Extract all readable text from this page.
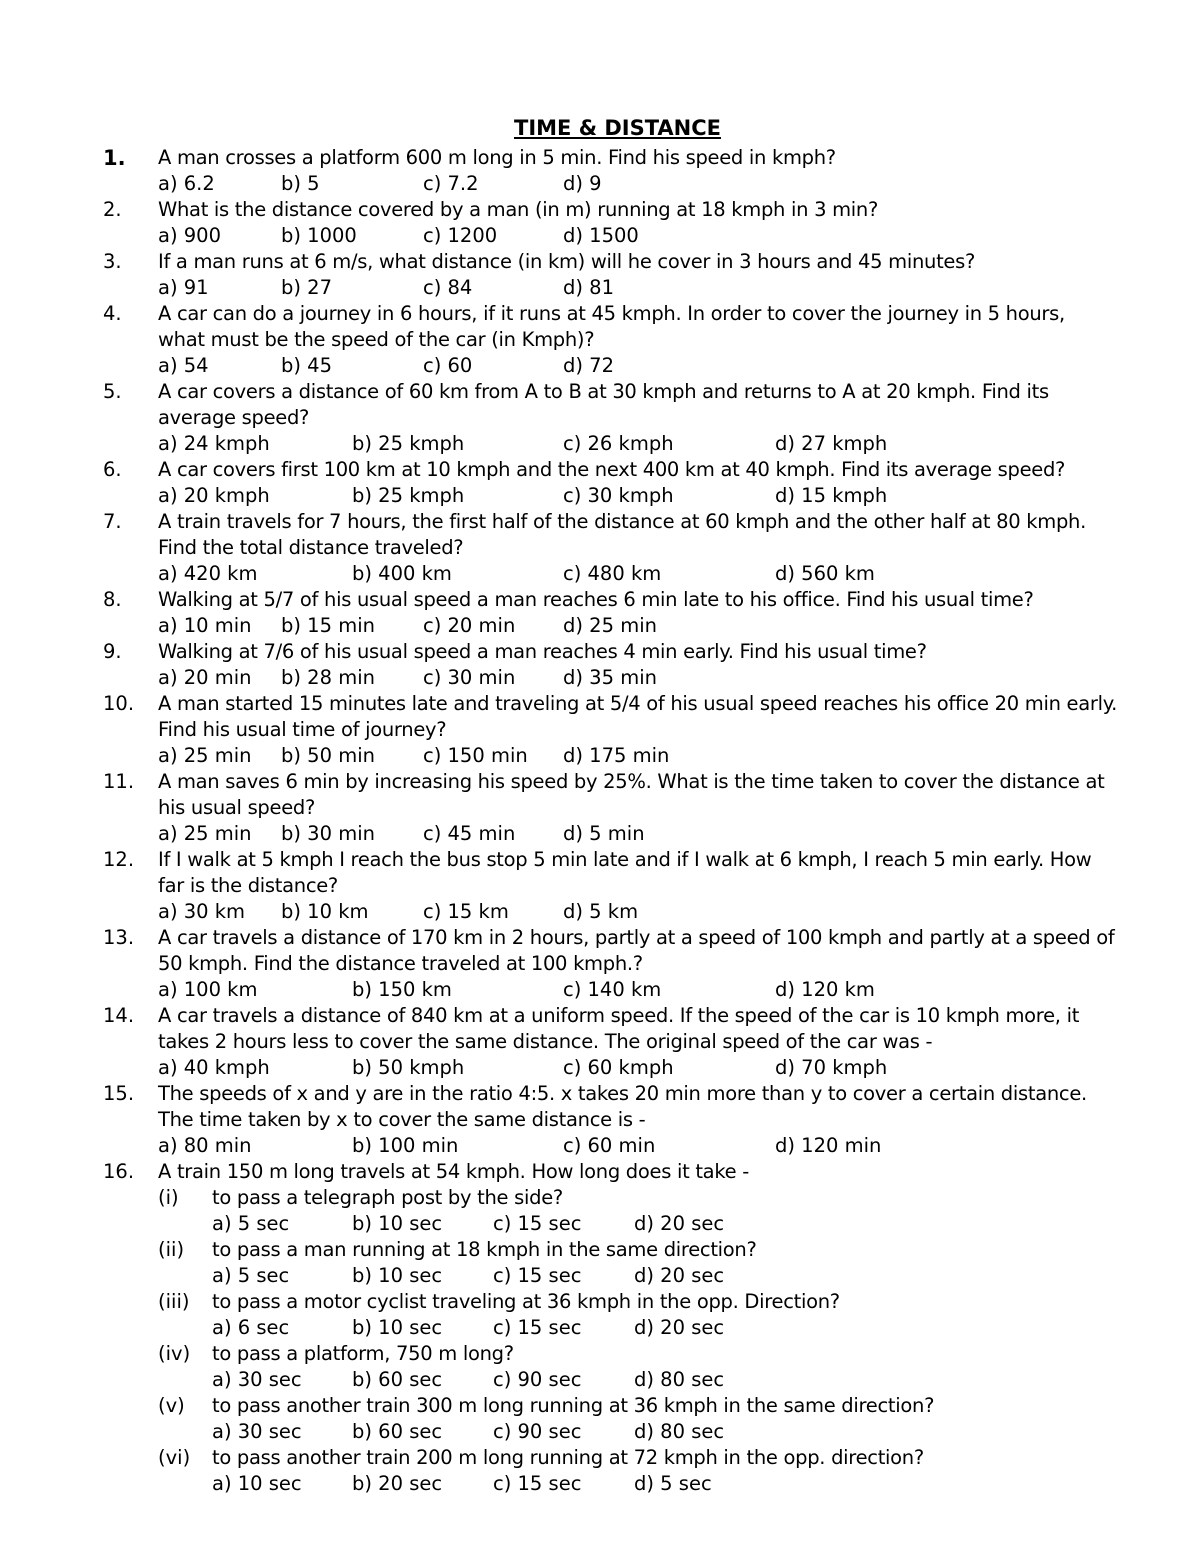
TIME & DISTANCE
1.	A man crosses a platform 600 m long in 5 min. Find his speed in kmph?
a) 6.2	b) 5	c) 7.2	d) 9
2.	What is the distance covered by a man (in m) running at 18 kmph in 3 min?
a) 900	b) 1000	c) 1200	d) 1500
3.	If a man runs at 6 m/s, what distance (in km) will he cover in 3 hours and 45 minutes?
a) 91	b) 27	c) 84	d) 81
4.	A car can do a journey in 6 hours, if it runs at 45 kmph. In order to cover the journey in 5 hours,
what must be the speed of the car (in Kmph)?
a) 54	b) 45	c) 60	d) 72
5.	A car covers a distance of 60 km from A to B at 30 kmph and returns to A at 20 kmph. Find its
average speed?
a) 24 kmph	b) 25 kmph	c) 26 kmph	d) 27 kmph
6.	A car covers first 100 km at 10 kmph and the next 400 km at 40 kmph. Find its average speed?
a) 20 kmph	b) 25 kmph	c) 30 kmph	d) 15 kmph
7.	A train travels for 7 hours, the first half of the distance at 60 kmph and the other half at 80 kmph.
Find the total distance traveled?
a) 420 km	b) 400 km	c) 480 km	d) 560 km
8.	Walking at 5/7 of his usual speed a man reaches 6 min late to his office. Find his usual time?
a) 10 min b) 15 min c) 20 min d) 25 min
9.	Walking at 7/6 of his usual speed a man reaches 4 min early. Find his usual time?
a) 20 min b) 28 min c) 30 min d) 35 min
10.	A man started 15 minutes late and traveling at 5/4 of his usual speed reaches his office 20 min early.
Find his usual time of journey?
a) 25 min b) 50 min c) 150 min d) 175 min
11.	A man saves 6 min by increasing his speed by 25%. What is the time taken to cover the distance at
his usual speed?
a) 25 min b) 30 min c) 45 min d) 5 min
12.	If I walk at 5 kmph I reach the bus stop 5 min late and if I walk at 6 kmph, I reach 5 min early. How
far is the distance?
a) 30 km b) 10 km	c) 15 km	d) 5 km
13.	A car travels a distance of 170 km in 2 hours, partly at a speed of 100 kmph and partly at a speed of
50 kmph. Find the distance traveled at 100 kmph.?
a) 100 km	b) 150 km	c) 140 km	d) 120 km
14.	A car travels a distance of 840 km at a uniform speed. If the speed of the car is 10 kmph more, it
takes 2 hours less to cover the same distance. The original speed of the car was -
a) 40 kmph	b) 50 kmph	c) 60 kmph	d) 70 kmph
15.	The speeds of x and y are in the ratio 4:5. x takes 20 min more than y to cover a certain distance.
The time taken by x to cover the same distance is -
a) 80 min	b) 100 min	c) 60 min	d) 120 min
16.	A train 150 m long travels at 54 kmph. How long does it take -
(i) to pass a telegraph post by the side?
a) 5 sec	b) 10 sec	c) 15 sec	d) 20 sec
(ii) to pass a man running at 18 kmph in the same direction?
a) 5 sec	b) 10 sec	c) 15 sec	d) 20 sec
(iii) to pass a motor cyclist traveling at 36 kmph in the opp. Direction?
a) 6 sec	b) 10 sec	c) 15 sec	d) 20 sec
(iv) to pass a platform, 750 m long?
a) 30 sec	b) 60 sec	c) 90 sec	d) 80 sec
(v) to pass another train 300 m long running at 36 kmph in the same direction?
a) 30 sec	b) 60 sec	c) 90 sec	d) 80 sec
(vi) to pass another train 200 m long running at 72 kmph in the opp. direction?
a) 10 sec	b) 20 sec	c) 15 sec	d) 5 sec
